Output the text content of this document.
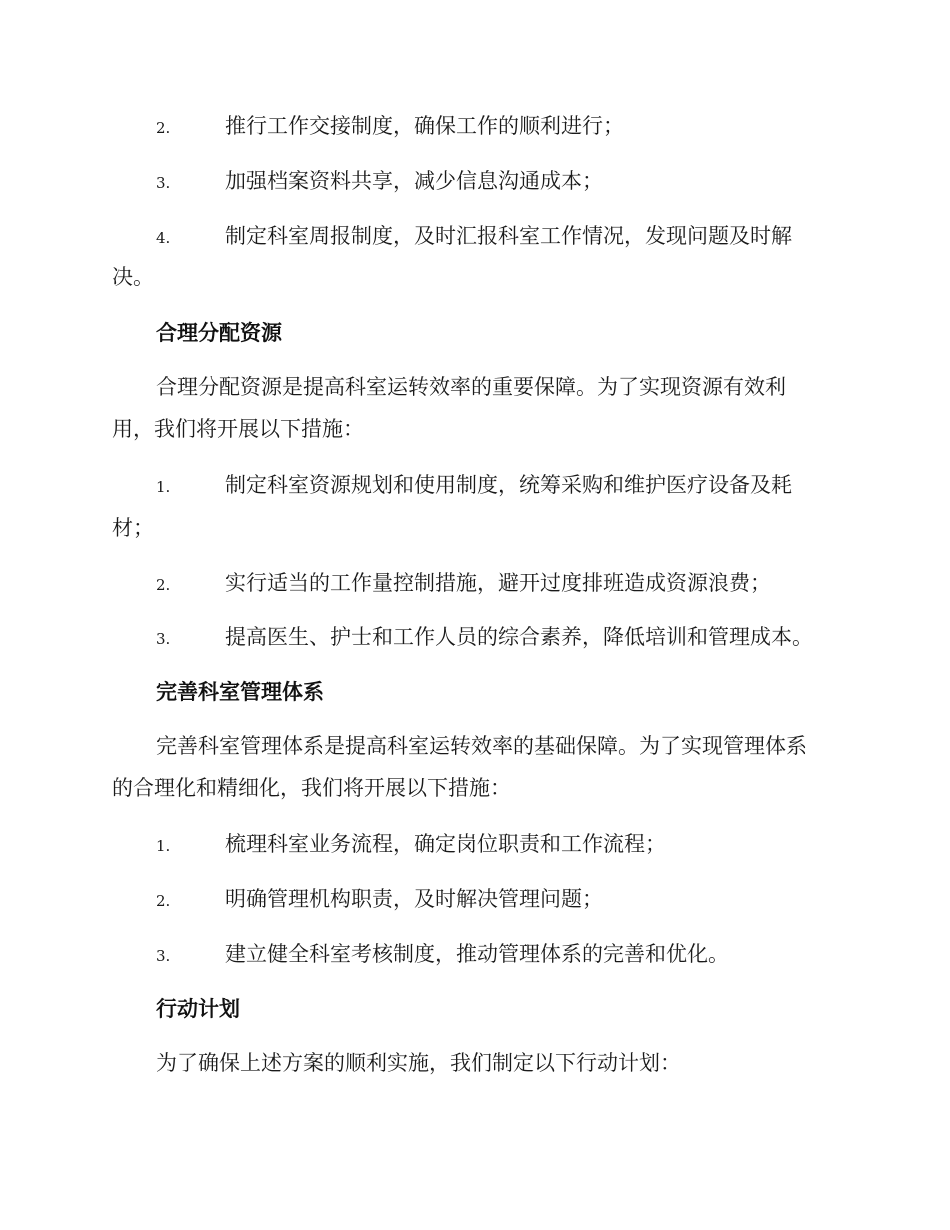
2.	推行工作交接制度，确保工作的顺利进行；
3.	加强档案资料共享，减少信息沟通成本；
4.	制定科室周报制度，及时汇报科室工作情况，发现问题及时解
决。
合理分配资源
合理分配资源是提高科室运转效率的重要保障。为了实现资源有效利
用，我们将开展以下措施：
1.	制定科室资源规划和使用制度，统筹采购和维护医疗设备及耗
材；
2.	实行适当的工作量控制措施，避开过度排班造成资源浪费；
3.	提高医生、护士和工作人员的综合素养，降低培训和管理成本。
完善科室管理体系
完善科室管理体系是提高科室运转效率的基础保障。为了实现管理体系
的合理化和精细化，我们将开展以下措施：
1.	梳理科室业务流程，确定岗位职责和工作流程；
2.	明确管理机构职责，及时解决管理问题；
3.	建立健全科室考核制度，推动管理体系的完善和优化。
行动计划
为了确保上述方案的顺利实施，我们制定以下行动计划：
